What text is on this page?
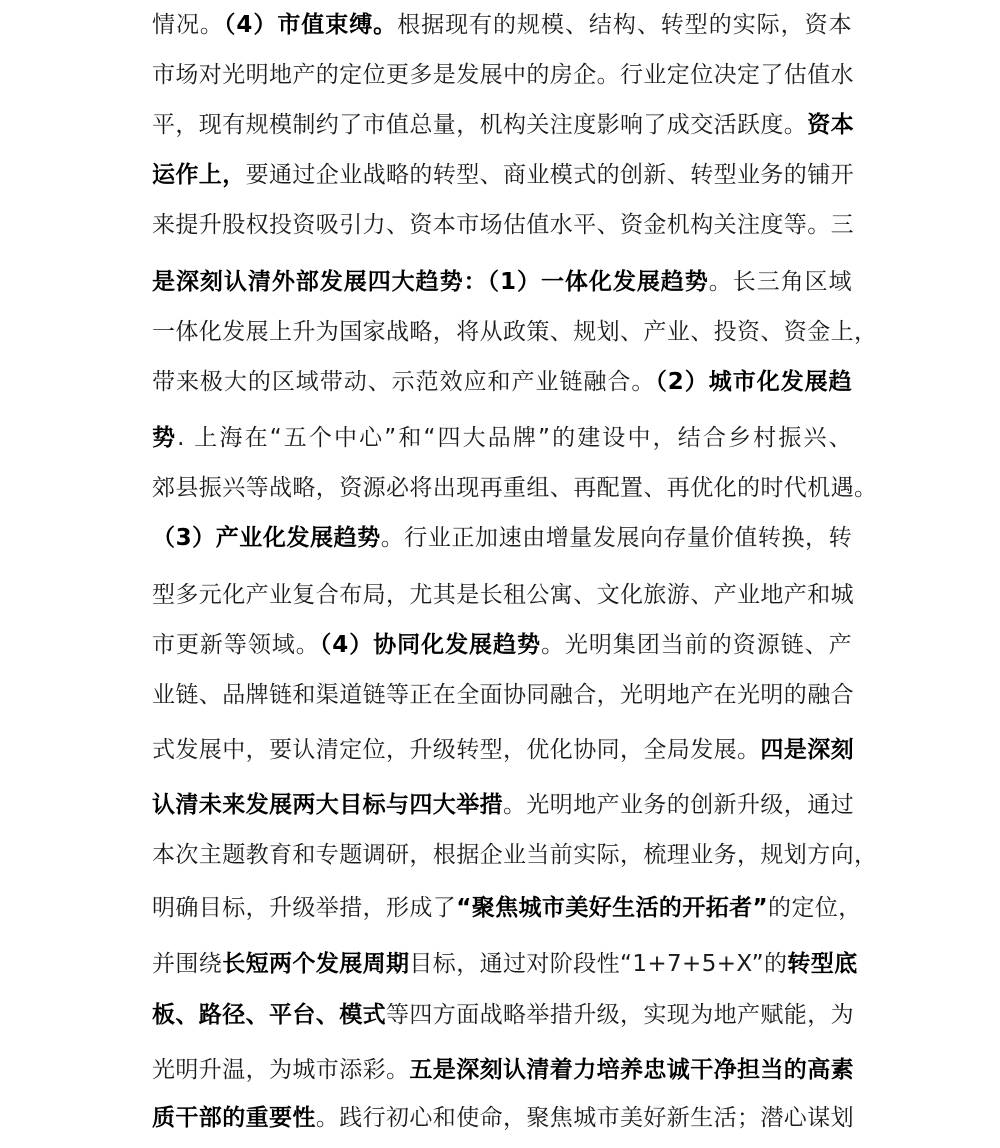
情况。（4）市值束缚。根据现有的规模、结构、转型的实际，资本
市场对光明地产的定位更多是发展中的房企。行业定位决定了估值水
平，现有规模制约了市值总量，机构关注度影响了成交活跃度。资本
运作上，要通过企业战略的转型、商业模式的创新、转型业务的铺开
来提升股权投资吸引力、资本市场估值水平、资金机构关注度等。三
是深刻认清外部发展四大趋势：（1）一体化发展趋势。长三角区域
一体化发展上升为国家战略，将从政策、规划、产业、投资、资金上，
带来极大的区域带动、示范效应和产业链融合。（2）城市化发展趋
势. 上海在“五个中心”和“四大品牌”的建设中，结合乡村振兴、
郊县振兴等战略，资源必将出现再重组、再配置、再优化的时代机遇。
（3）产业化发展趋势。行业正加速由增量发展向存量价值转换，转
型多元化产业复合布局，尤其是长租公寓、文化旅游、产业地产和城
市更新等领域。（4）协同化发展趋势。光明集团当前的资源链、产
业链、品牌链和渠道链等正在全面协同融合，光明地产在光明的融合
式发展中，要认清定位，升级转型，优化协同，全局发展。四是深刻
认清未来发展两大目标与四大举措。光明地产业务的创新升级，通过
本次主题教育和专题调研，根据企业当前实际，梳理业务，规划方向，
明确目标，升级举措，形成了“聚焦城市美好生活的开拓者”的定位，
并围绕长短两个发展周期目标，通过对阶段性“1+7+5+X”的转型底
板、路径、平台、模式等四方面战略举措升级，实现为地产赋能，为
光明升温，为城市添彩。五是深刻认清着力培养忠诚干净担当的高素
质干部的重要性。践行初心和使命，聚焦城市美好新生活；潜心谋划
